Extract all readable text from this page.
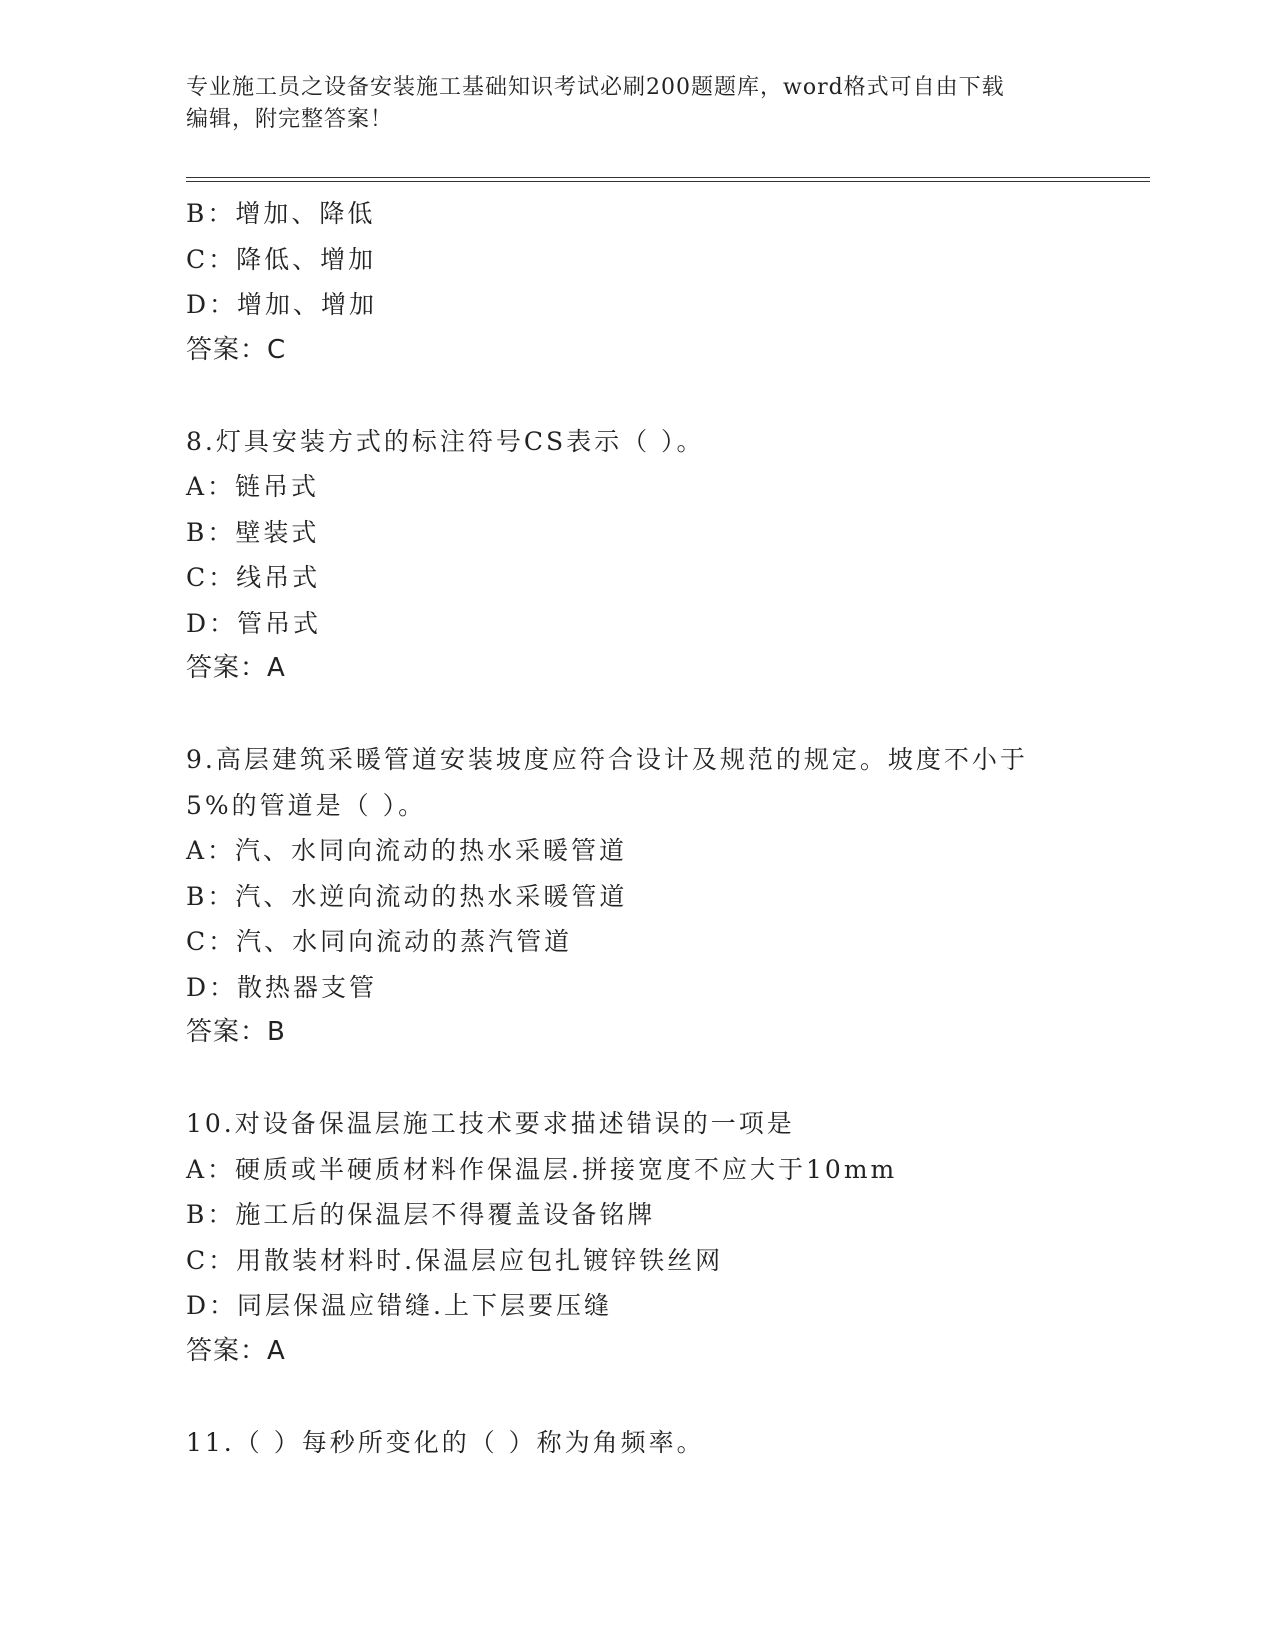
专业施工员之设备安装施工基础知识考试必刷200题题库，word格式可自由下载
编辑，附完整答案！
B：增加、降低
C：降低、增加
D：增加、增加
答案：C
8.灯具安装方式的标注符号CS表示（ ）。
A：链吊式
B：壁装式
C：线吊式
D：管吊式
答案：A
9.高层建筑采暖管道安装坡度应符合设计及规范的规定。坡度不小于
5%的管道是（ ）。
A：汽、水同向流动的热水采暖管道
B：汽、水逆向流动的热水采暖管道
C：汽、水同向流动的蒸汽管道
D：散热器支管
答案：B
10.对设备保温层施工技术要求描述错误的一项是
A：硬质或半硬质材料作保温层.拼接宽度不应大于10mm
B：施工后的保温层不得覆盖设备铭牌
C：用散装材料时.保温层应包扎镀锌铁丝网
D：同层保温应错缝.上下层要压缝
答案：A
11.（ ）每秒所变化的（ ）称为角频率。
